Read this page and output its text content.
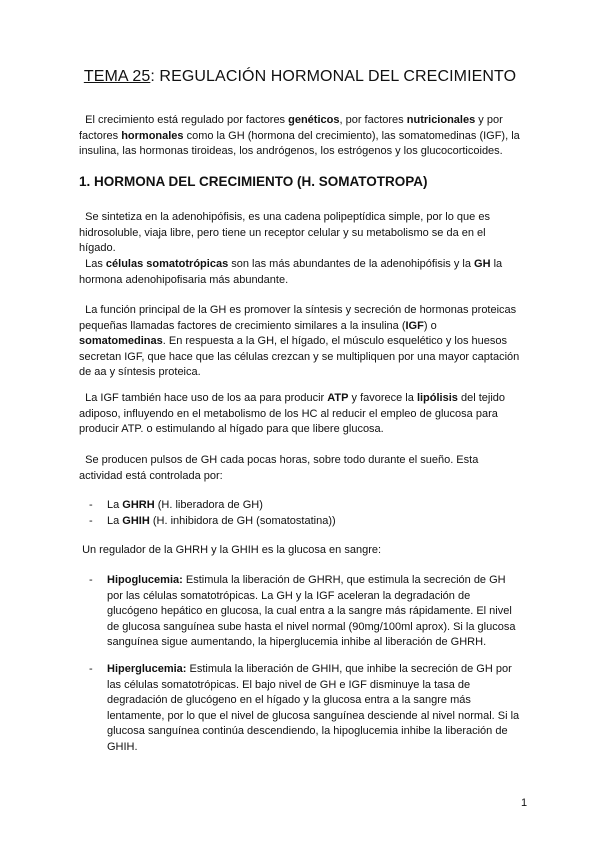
TEMA 25: REGULACIÓN HORMONAL DEL CRECIMIENTO

El crecimiento está regulado por factores genéticos, por factores nutricionales y por factores hormonales como la GH (hormona del crecimiento), las somatomedinas (IGF), la insulina, las hormonas tiroideas, los andrógenos, los estrógenos y los glucocorticoides.

1. HORMONA DEL CRECIMIENTO (H. SOMATOTROPA)

Se sintetiza en la adenohipófisis, es una cadena polipeptídica simple, por lo que es hidrosoluble, viaja libre, pero tiene un receptor celular y su metabolismo se da en el hígado.

Las células somatotrópicas son las más abundantes de la adenohipófisis y la GH la hormona adenohipofisaria más abundante.

La función principal de la GH es promover la síntesis y secreción de hormonas proteicas pequeñas llamadas factores de crecimiento similares a la insulina (IGF) o somatomedinas. En respuesta a la GH, el hígado, el músculo esquelético y los huesos secretan IGF, que hace que las células crezcan y se multipliquen por una mayor captación de aa y síntesis proteica.

La IGF también hace uso de los aa para producir ATP y favorece la lipólisis del tejido adiposo, influyendo en el metabolismo de los HC al reducir el empleo de glucosa para producir ATP. o estimulando al hígado para que libere glucosa.

Se producen pulsos de GH cada pocas horas, sobre todo durante el sueño. Esta actividad está controlada por:

- La GHRH (H. liberadora de GH)
- La GHIH (H. inhibidora de GH (somatostatina))

Un regulador de la GHRH y la GHIH es la glucosa en sangre:

- Hipoglucemia: Estimula la liberación de GHRH, que estimula la secreción de GH por las células somatotrópicas. La GH y la IGF aceleran la degradación de glucógeno hepático en glucosa, la cual entra a la sangre más rápidamente. El nivel de glucosa sanguínea sube hasta el nivel normal (90mg/100ml aprox). Si la glucosa sanguínea sigue aumentando, la hiperglucemia inhibe al liberación de GHRH.
- Hiperglucemia: Estimula la liberación de GHIH, que inhibe la secreción de GH por las células somatotrópicas. El bajo nivel de GH e IGF disminuye la tasa de degradación de glucógeno en el hígado y la glucosa entra a la sangre más lentamente, por lo que el nivel de glucosa sanguínea desciende al nivel normal. Si la glucosa sanguínea continúa descendiendo, la hipoglucemia inhibe la liberación de GHIH.
1
